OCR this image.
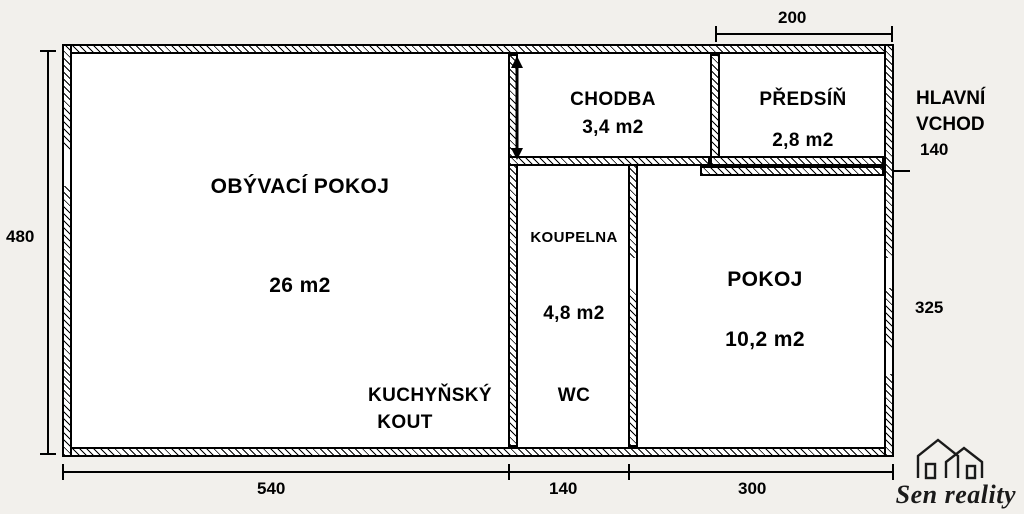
OBÝVACÍ POKOJ
26 m2
KUCHYŇSKÝ
KOUT
CHODBA
3,4 m2
PŘEDSÍŇ
2,8 m2
KOUPELNA
4,8 m2
WC
POKOJ
10,2 m2
HLAVNÍ
VCHOD
480
200
140
325
540	140	300	Sen reality
